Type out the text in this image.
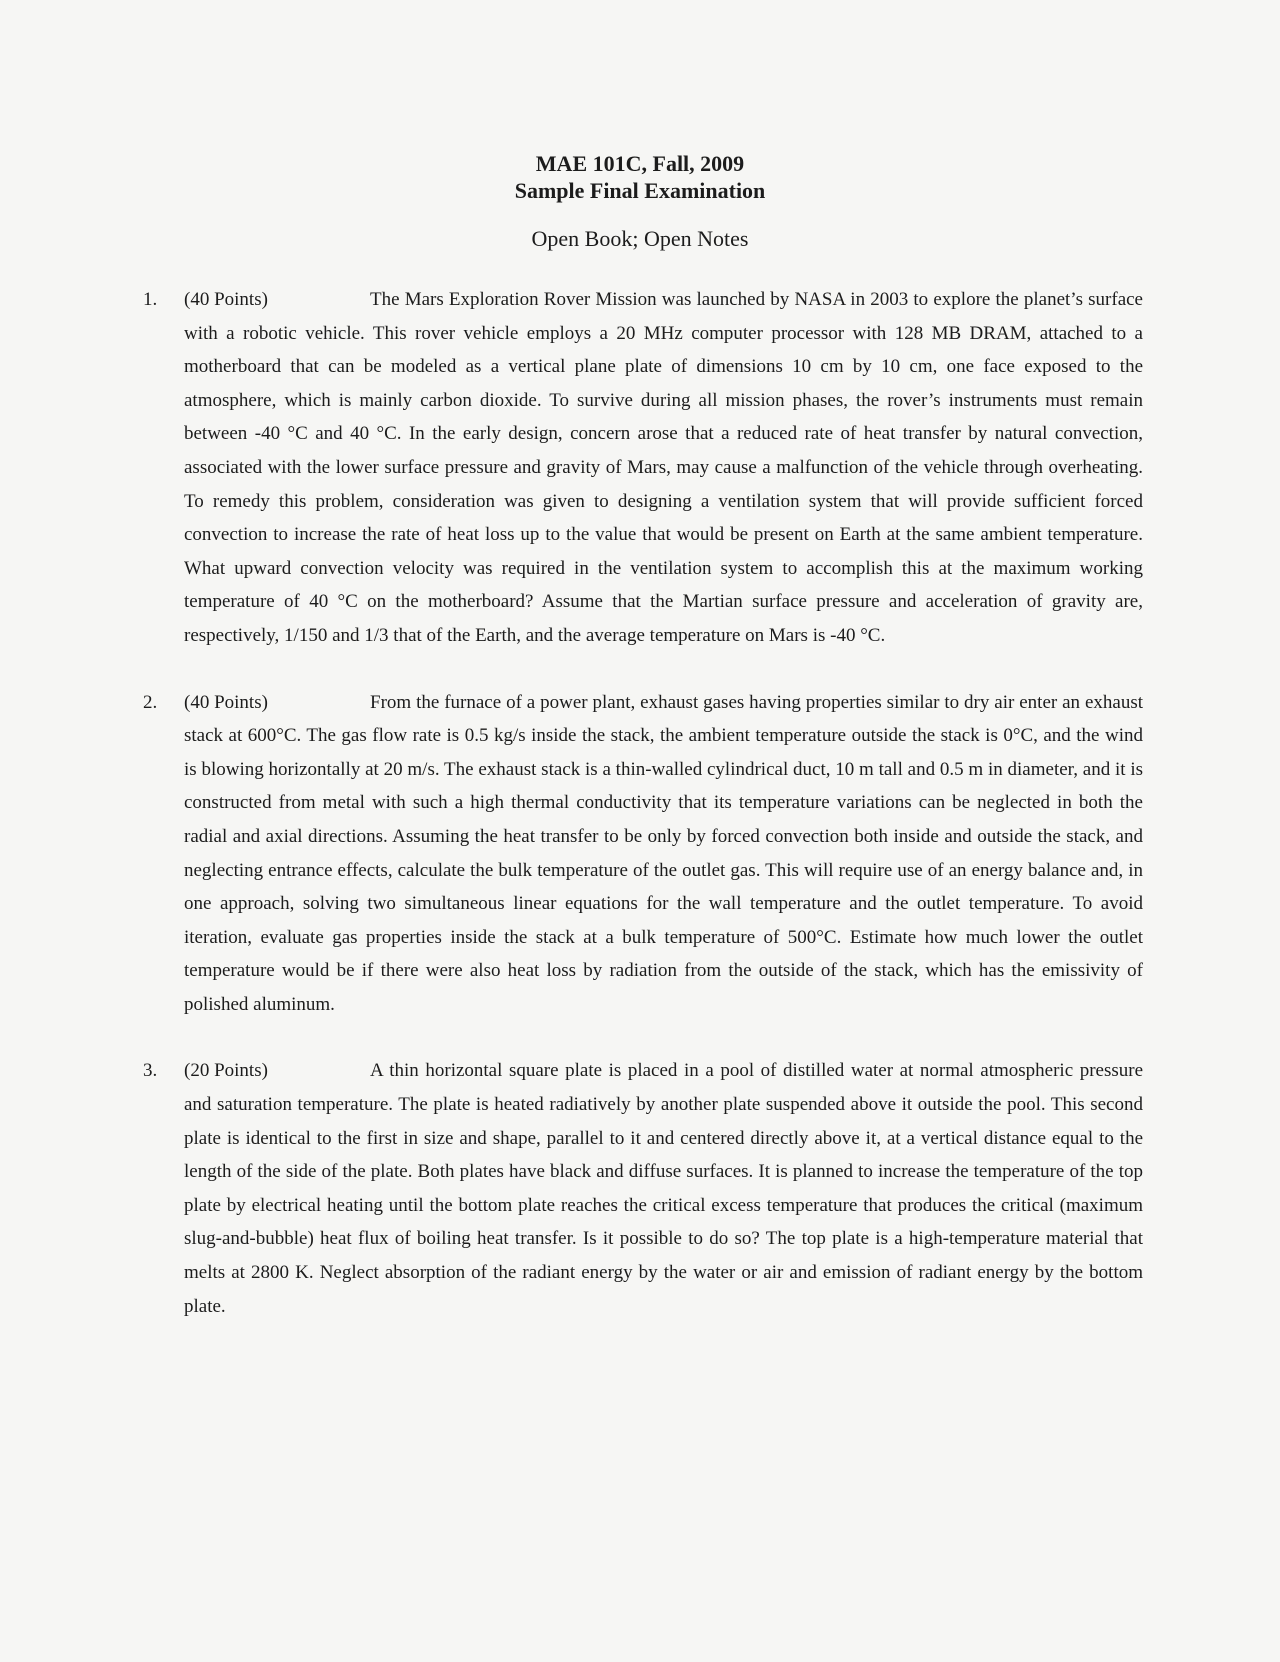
MAE 101C, Fall, 2009
Sample Final Examination
Open Book; Open Notes
1. (40 Points)	The Mars Exploration Rover Mission was launched by NASA in 2003 to explore the planet’s surface with a robotic vehicle. This rover vehicle employs a 20 MHz computer processor with 128 MB DRAM, attached to a motherboard that can be modeled as a vertical plane plate of dimensions 10 cm by 10 cm, one face exposed to the atmosphere, which is mainly carbon dioxide. To survive during all mission phases, the rover’s instruments must remain between -40 °C and 40 °C. In the early design, concern arose that a reduced rate of heat transfer by natural convection, associated with the lower surface pressure and gravity of Mars, may cause a malfunction of the vehicle through overheating. To remedy this problem, consideration was given to designing a ventilation system that will provide sufficient forced convection to increase the rate of heat loss up to the value that would be present on Earth at the same ambient temperature. What upward convection velocity was required in the ventilation system to accomplish this at the maximum working temperature of 40 °C on the motherboard? Assume that the Martian surface pressure and acceleration of gravity are, respectively, 1/150 and 1/3 that of the Earth, and the average temperature on Mars is -40 °C.
2. (40 Points)	From the furnace of a power plant, exhaust gases having properties similar to dry air enter an exhaust stack at 600°C. The gas flow rate is 0.5 kg/s inside the stack, the ambient temperature outside the stack is 0°C, and the wind is blowing horizontally at 20 m/s. The exhaust stack is a thin-walled cylindrical duct, 10 m tall and 0.5 m in diameter, and it is constructed from metal with such a high thermal conductivity that its temperature variations can be neglected in both the radial and axial directions. Assuming the heat transfer to be only by forced convection both inside and outside the stack, and neglecting entrance effects, calculate the bulk temperature of the outlet gas. This will require use of an energy balance and, in one approach, solving two simultaneous linear equations for the wall temperature and the outlet temperature. To avoid iteration, evaluate gas properties inside the stack at a bulk temperature of 500°C. Estimate how much lower the outlet temperature would be if there were also heat loss by radiation from the outside of the stack, which has the emissivity of polished aluminum.
3. (20 Points)	A thin horizontal square plate is placed in a pool of distilled water at normal atmospheric pressure and saturation temperature. The plate is heated radiatively by another plate suspended above it outside the pool. This second plate is identical to the first in size and shape, parallel to it and centered directly above it, at a vertical distance equal to the length of the side of the plate. Both plates have black and diffuse surfaces. It is planned to increase the temperature of the top plate by electrical heating until the bottom plate reaches the critical excess temperature that produces the critical (maximum slug-and-bubble) heat flux of boiling heat transfer. Is it possible to do so? The top plate is a high-temperature material that melts at 2800 K. Neglect absorption of the radiant energy by the water or air and emission of radiant energy by the bottom plate.
